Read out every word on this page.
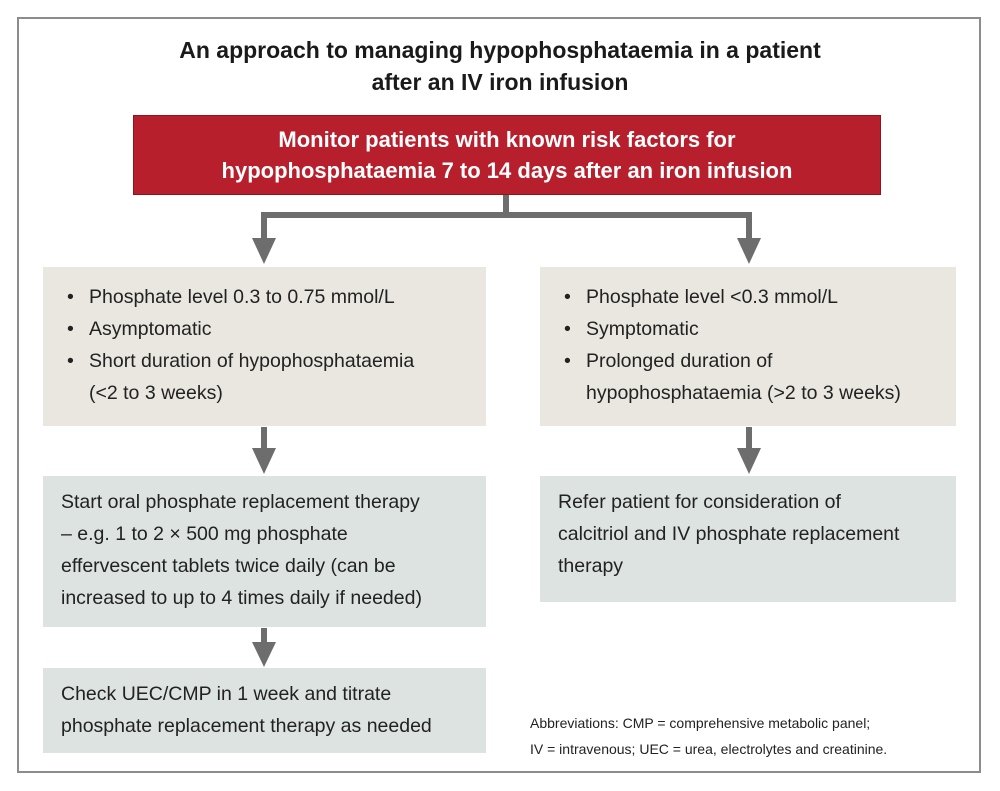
An approach to managing hypophosphataemia in a patient
after an IV iron infusion
Monitor patients with known risk factors for
hypophosphataemia 7 to 14 days after an iron infusion
• Phosphate level 0.3 to 0.75 mmol/L
• Asymptomatic
• Short duration of hypophosphataemia
(<2 to 3 weeks)
• Phosphate level <0.3 mmol/L
• Symptomatic
• Prolonged duration of
hypophosphataemia (>2 to 3 weeks)
Start oral phosphate replacement therapy
– e.g. 1 to 2 × 500 mg phosphate
effervescent tablets twice daily (can be
increased to up to 4 times daily if needed)
Refer patient for consideration of
calcitriol and IV phosphate replacement
therapy
Check UEC/CMP in 1 week and titrate
phosphate replacement therapy as needed	Abbreviations: CMP = comprehensive metabolic panel;
IV = intravenous; UEC = urea, electrolytes and creatinine.
